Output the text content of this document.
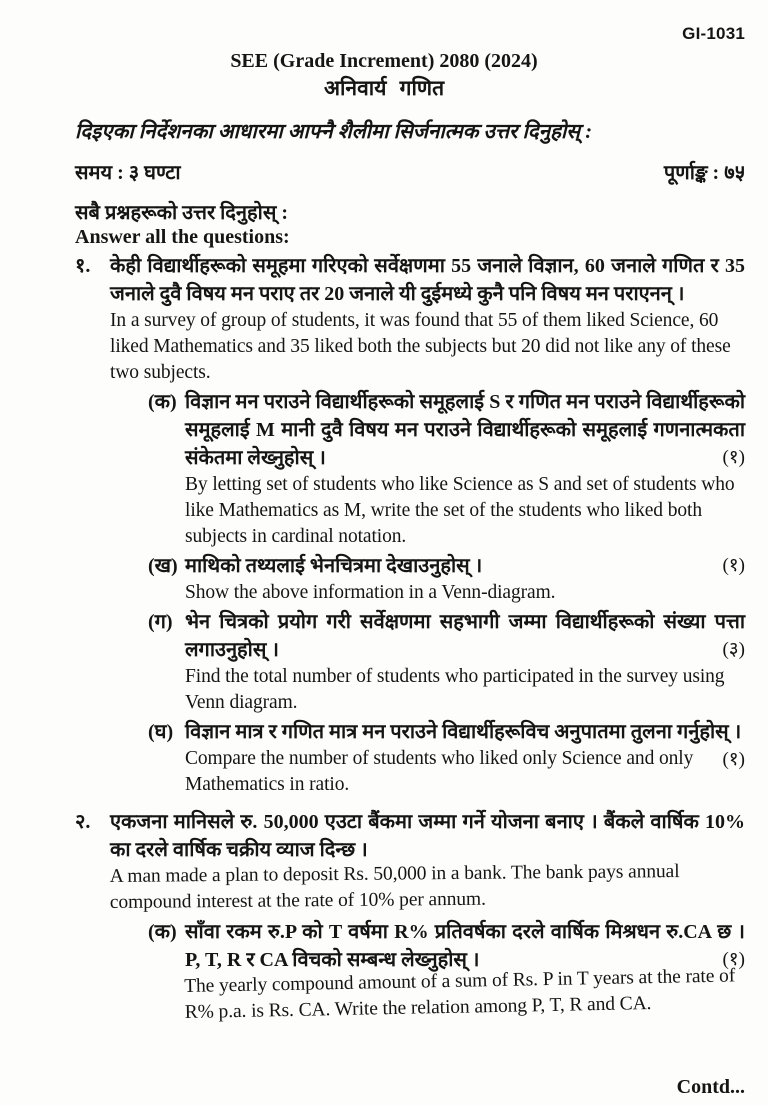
GI-1031
SEE (Grade Increment) 2080 (2024)
अनिवार्य गणित
दिइएका निर्देशनका आधारमा आफ्नै शैलीमा सिर्जनात्मक उत्तर दिनुहोस् :
समय : ३ घण्टा	पूर्णाङ्क : ७५
सबै प्रश्नहरूको उत्तर दिनुहोस् :
Answer all the questions:
१. केही विद्यार्थीहरूको समूहमा गरिएको सर्वेक्षणमा 55 जनाले विज्ञान, 60 जनाले गणित र 35 जनाले दुवै विषय मन पराए तर 20 जनाले यी दुईमध्ये कुनै पनि विषय मन पराएनन् ।

In a survey of group of students, it was found that 55 of them liked Science, 60 liked Mathematics and 35 liked both the subjects but 20 did not like any of these two subjects.

(क) विज्ञान मन पराउने विद्यार्थीहरूको समूहलाई S र गणित मन पराउने विद्यार्थीहरूको समूहलाई M मानी दुवै विषय मन पराउने विद्यार्थीहरूको समूहलाई गणनात्मकता संकेतमा लेख्नुहोस् ।	(१)

By letting set of students who like Science as S and set of students who like Mathematics as M, write the set of the students who liked both subjects in cardinal notation.

(ख) माथिको तथ्यलाई भेनचित्रमा देखाउनुहोस् ।	(१)

Show the above information in a Venn-diagram.

(ग) भेन चित्रको प्रयोग गरी सर्वेक्षणमा सहभागी जम्मा विद्यार्थीहरूको संख्या पत्ता लगाउनुहोस् ।	(३)

Find the total number of students who participated in the survey using Venn diagram.

(घ) विज्ञान मात्र र गणित मात्र मन पराउने विद्यार्थीहरूविच अनुपातमा तुलना गर्नुहोस् ।
(१)

Compare the number of students who liked only Science and only Mathematics in ratio.

२. एकजना मानिसले रु. 50,000 एउटा बैंकमा जम्मा गर्ने योजना बनाए । बैंकले वार्षिक 10% का दरले वार्षिक चक्रीय व्याज दिन्छ ।

A man made a plan to deposit Rs. 50,000 in a bank. The bank pays annual compound interest at the rate of 10% per annum.

(क) साँवा रकम रु.P को T वर्षमा R% प्रतिवर्षका दरले वार्षिक मिश्रधन रु.CA छ । P, T, R र CA विचको सम्बन्ध लेख्नुहोस् ।	(१)

The yearly compound amount of a sum of Rs. P in T years at the rate of R% p.a. is Rs. CA. Write the relation among P, T, R and CA.

Contd...
